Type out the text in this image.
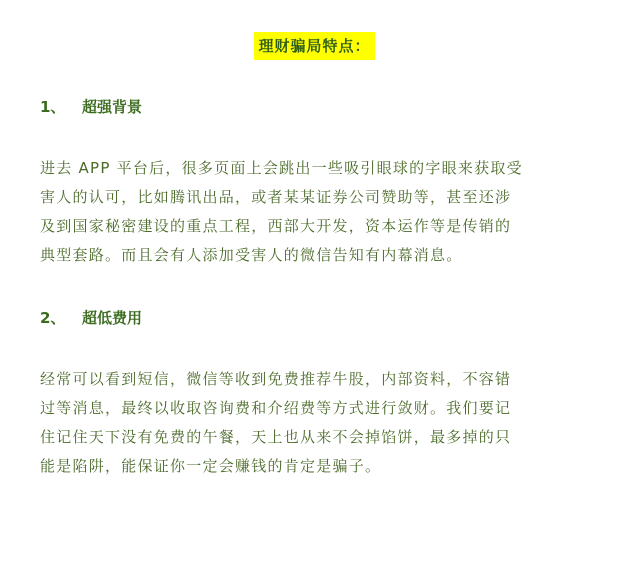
理财骗局特点：
1、 超强背景

进去 APP 平台后，很多页面上会跳出一些吸引眼球的字眼来获取受
害人的认可，比如腾讯出品，或者某某证券公司赞助等，甚至还涉
及到国家秘密建设的重点工程，西部大开发，资本运作等是传销的
典型套路。而且会有人添加受害人的微信告知有内幕消息。

2、 超低费用

经常可以看到短信，微信等收到免费推荐牛股，内部资料，不容错
过等消息，最终以收取咨询费和介绍费等方式进行敛财。我们要记
住记住天下没有免费的午餐，天上也从来不会掉馅饼，最多掉的只
能是陷阱，能保证你一定会赚钱的肯定是骗子。
